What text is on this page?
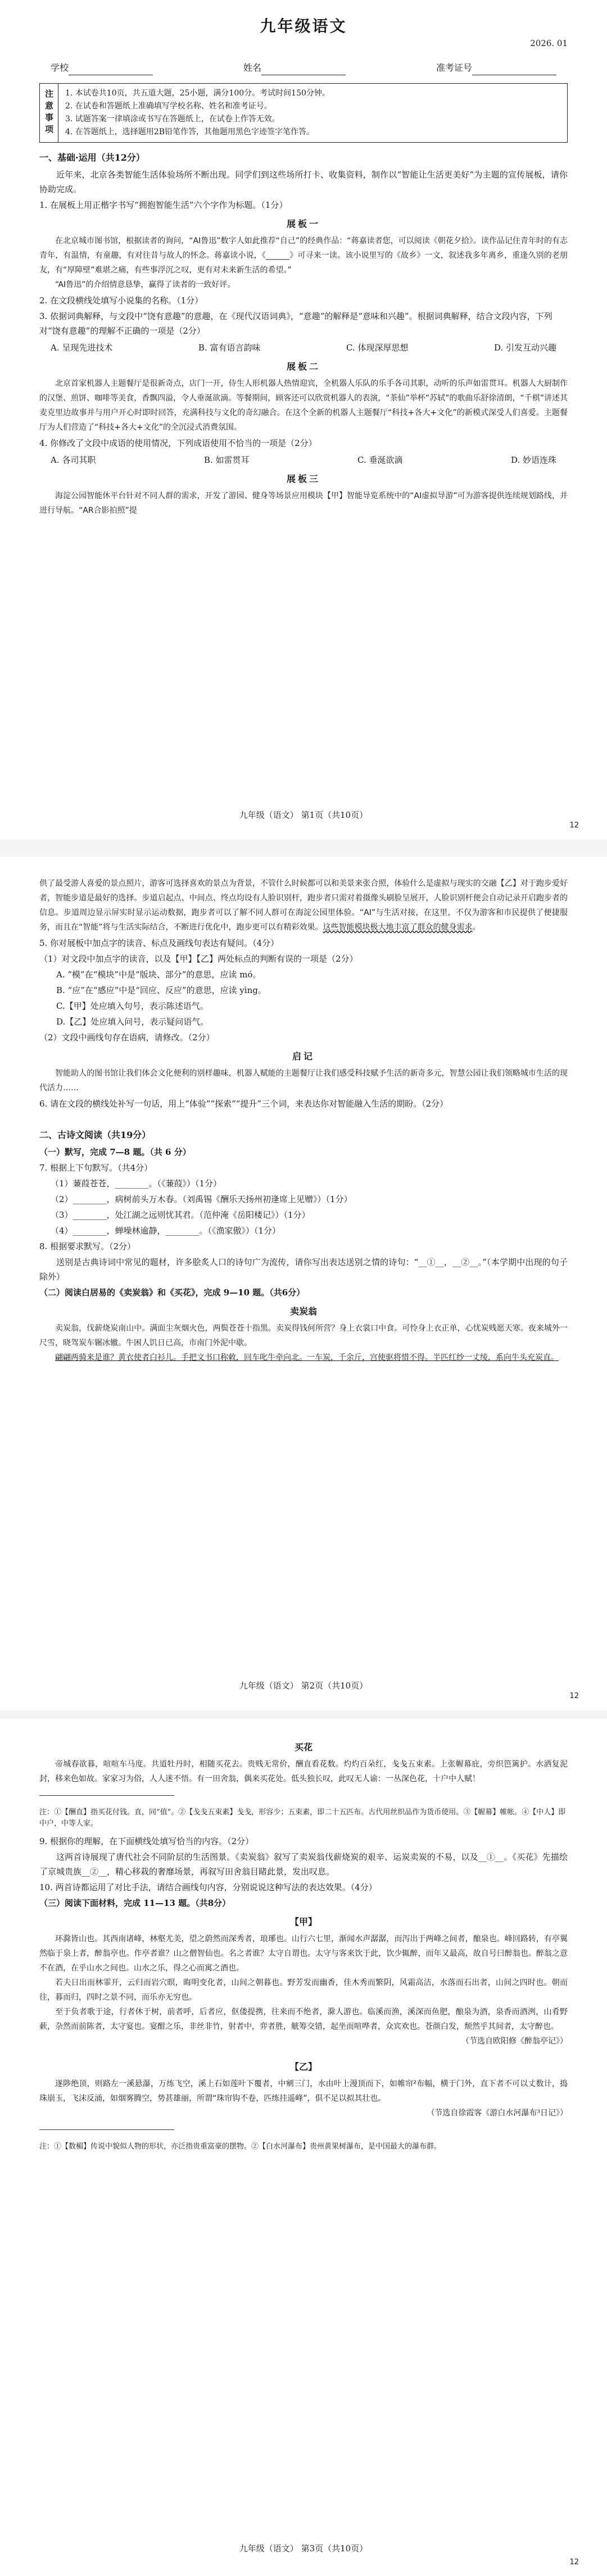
九年级语文
2026. 01
学校	姓名	准考证号
注意事项	1. 本试卷共10页，共五道大题，25小题，满分100分。考试时间150分钟。
2. 在试卷和答题纸上准确填写学校名称、姓名和准考证号。
3. 试题答案一律填涂或书写在答题纸上，在试卷上作答无效。
4. 在答题纸上，选择题用2B铅笔作答，其他题用黑色字迹签字笔作答。
一、基础·运用（共12分）

近年来，北京各类智能生活体验场所不断出现。同学们到这些场所打卡、收集资料，制作以“智能让生活更美好”为主题的宣传展板，请你协助完成。

1. 在展板上用正楷字书写“拥抱智能生活”六个字作为标题。（1分）
展板一
在北京城市图书馆，根据读者的询问，“AI鲁迅”数字人如此推荐“自己”的经典作品：“蒋嘉读者您，可以阅读《朝花夕拾》。读作品记住青年时的有志青年，有温情，有童趣，有对往昔与故人的怀念。蒋嘉读小说，《______》可寻来一读。该小说里写的《故乡》一文，叙述我多年离乡，重逢久别的老朋友，有“厚障壁”难堪之痛，有些事浮沉之叹，更有对未来新生活的希望。”
“AI鲁迅”的介绍情意恳挚，赢得了读者的一致好评。
2. 在文段横线处填写小说集的名称。（1分）
3. 依据词典解释，与文段中“饶有意趣”的意趣，在《现代汉语词典》，“意趣”的解释是“意味和兴趣”。根据词典解释，结合文段内容，下列对“饶有意趣”的理解不正确的一项是（2分）
A. 呈现先进技术	B. 富有语言韵味	C. 体现深厚思想	D. 引发互动兴趣
展板二
北京首家机器人主题餐厅是很新奇点，店门一开，侍生人形机器人热情迎宾，全机器人乐队的乐手各司其职，动听的乐声如雷贯耳。机器人大厨制作的汉堡、煎饼、咖啡等美食，香飘四溢，令人垂涎欲滴。等餐期间，顾客还可以欣赏机器人的表演，“茶仙”举杯“苏轼”的歌曲乐舒徐清朗，“千棋”讲述其麦克里边故事并与用户开心时即时回答，充满科技与文化的奇幻融合。在这个全新的机器人主题餐厅“科技+各大+文化”的新模式深受人们喜爱。主题餐厅为人们营造了“科技+各大+文化”的全沉浸式消费氛围。
4. 你修改了文段中成语的使用情况，下列成语使用不恰当的一项是（2分）
A. 各司其职	B. 如雷贯耳	C. 垂涎欲滴	D. 妙语连珠
展板三
海淀公园智能休平台针对不同人群的需求，开发了游园、健身等场景应用模块【甲】智能导览系统中的“AI虚拟导游”可为游客提供连续规划路线，并进行导航。“AR合影拍照”提
九年级（语文） 第1页（共10页）
12
供了最受游人喜爱的景点照片，游客可选择喜欢的景点为背景，不管什么时候都可以和美景来张合照，体验什么是虚拟与现实的交融【乙】对于跑步爱好者，智能步道是最好的选择。步道启起点、中间点、终点均设有人脸识别杆，跑步者只需对着摄像头刷脸呈展开，人脸识别杆便会自动记录开启跑步者的信息。步道周边显示屏实时显示运动数据，跑步者可以了解不同人群可在海淀公园里体验。“AI”与生活对接，在这里，不仅为游客和市民提供了便捷服务，而且在“智能”将与生活实际结合，不断进行优化中，跑步更可以有精彩效果。这些智能模块极大地丰富了群众的健身需求。
5. 你对展板中加点字的读音、标点及画线句表达有疑问。（4分）
（1）对文段中加点字的读音，以及【甲】【乙】两处标点的判断有误的一项是（2分）
A. “模”在“模块”中是“版块、部分”的意思，应读 mó。
B. “应”在“感应”中是“回应、反应”的意思，应读 yìng。
C.【甲】处应填入句号，表示陈述语气。
D.【乙】处应填入问号，表示疑问语气。
（2）文段中画线句存在语病，请修改。（2分）
启记
智能助人的图书馆让我们体会文化便利的别样趣味，机器人赋能的主题餐厅让我们感受科技赋予生活的新奇多元，智慧公园让我们领略城市生活的现代活力……
6. 请在文段的横线处补写一句话，用上“体验”“探索”“提升”三个词，来表达你对智能融入生活的期盼。（2分）
二、古诗文阅读（共19分）
（一）默写，完成 7—8 题。（共 6 分）
7. 根据上下句默写。（共4分）
（1）蒹葭苍苍，________。（《蒹葭》）（1分）
（2）________，病树前头万木春。（刘禹锡《酬乐天扬州初逢席上见赠》）（1分）
（3）________，处江湖之远则忧其君。（范仲淹《岳阳楼记》）（1分）
（4）________，蝉噪林逾静，________。（《渔家傲》）（1分）
8. 根据要求默写。（2分）

送别是古典诗词中常见的题材，许多脍炙人口的诗句广为流传，请你写出表达送别之情的诗句：“__①__，__②__。”（本学期中出现的句子除外）

（二）阅读白居易的《卖炭翁》和《买花》，完成 9—10 题。（共6分）
卖炭翁
卖炭翁，伐薪烧炭南山中。满面尘灰烟火色，两鬓苍苍十指黑。卖炭得钱何所营？身上衣裳口中食。可怜身上衣正单，心忧炭贱愿天寒。夜来城外一尺雪，晓驾炭车辗冰辙。牛困人饥日已高，市南门外泥中歇。
翩翩两骑来是谁？黄衣使者白衫儿。手把文书口称敕，回车叱牛牵向北。一车炭，千余斤，宫使驱将惜不得。半匹红纱一丈绫，系向牛头充炭直。
九年级（语文） 第2页（共10页）
12
买花
帝城春欲暮，喧喧车马度。共道牡丹时，相随买花去。贵贱无常价，酬直看花数。灼灼百朵红，戋戋五束素。上张幄幕庇，旁织笆篱护。水洒复泥封，移来色如故。家家习为俗，人人迷不悟。有一田舍翁，偶来买花处。低头独长叹，此叹无人谕：一丛深色花，十户中人赋！
注：①【酬直】指买花付钱。直，同“值”。②【戋戋五束素】戋戋，形容少；五束素，即二十五匹布。古代用丝织品作为货币使用。③【幄幕】帷帐。④【中人】即中户，中等人家。
9. 根据你的理解，在下面横线处填写恰当的内容。（2分）

这两首诗展现了唐代社会不同阶层的生活图景。《卖炭翁》叙写了卖炭翁伐薪烧炭的艰辛、运炭卖炭的不易，以及__①__。《买花》先描绘了京城贵族__②__，精心移栽的奢靡场景，再叙写田舍翁目睹此景，发出叹息。

10. 两首诗都运用了对比手法，请结合画线句内容，分别说说这种写法的表达效果。（4分）
（三）阅读下面材料，完成 11—13 题。（共8分）
【甲】
环滁皆山也。其西南诸峰，林壑尤美，望之蔚然而深秀者，琅琊也。山行六七里，渐闻水声潺潺，而泻出于两峰之间者，酿泉也。峰回路转，有亭翼然临于泉上者，醉翁亭也。作亭者谁？山之僧智仙也。名之者谁？太守自谓也。太守与客来饮于此，饮少辄醉，而年又最高，故自号曰醉翁也。醉翁之意不在酒，在乎山水之间也。山水之乐，得之心而寓之酒也。
若夫日出而林霏开，云归而岩穴暝，晦明变化者，山间之朝暮也。野芳发而幽香，佳木秀而繁阴，风霜高洁，水落而石出者，山间之四时也。朝而往，暮而归，四时之景不同，而乐亦无穷也。
至于负者歌于途，行者休于树，前者呼，后者应，伛偻提携，往来而不绝者，滁人游也。临溪而渔，溪深而鱼肥，酿泉为酒，泉香而酒洌，山肴野蔌，杂然而前陈者，太守宴也。宴酣之乐，非丝非竹，射者中，弈者胜，觥筹交错，起坐而喧哗者，众宾欢也。苍颜白发，颓然乎其间者，太守醉也。
（节选自欧阳修《醉翁亭记》）
【乙】
遂陟绝顶，则路左一溪悬瀑，万练飞空，溪上石如莲叶下覆者，中剜三门，水由叶上漫顶而下，如帷帘²布幅，横于门外，直下者不可以丈数计，捣珠崩玉，飞沫反涌，如烟雾腾空，势甚雄丽，所谓“珠帘钩不卷，匹练挂遥峰”，俱不足以拟其壮也。
（节选自徐霞客《游白水河瀑布³日记》）
注：①【数楣】传说中貌似人物的形状，亦泛指贵重富豪的摆物。②【白水河瀑布】贵州黄果树瀑布，是中国最大的瀑布群。
九年级（语文） 第3页（共10页）
12
